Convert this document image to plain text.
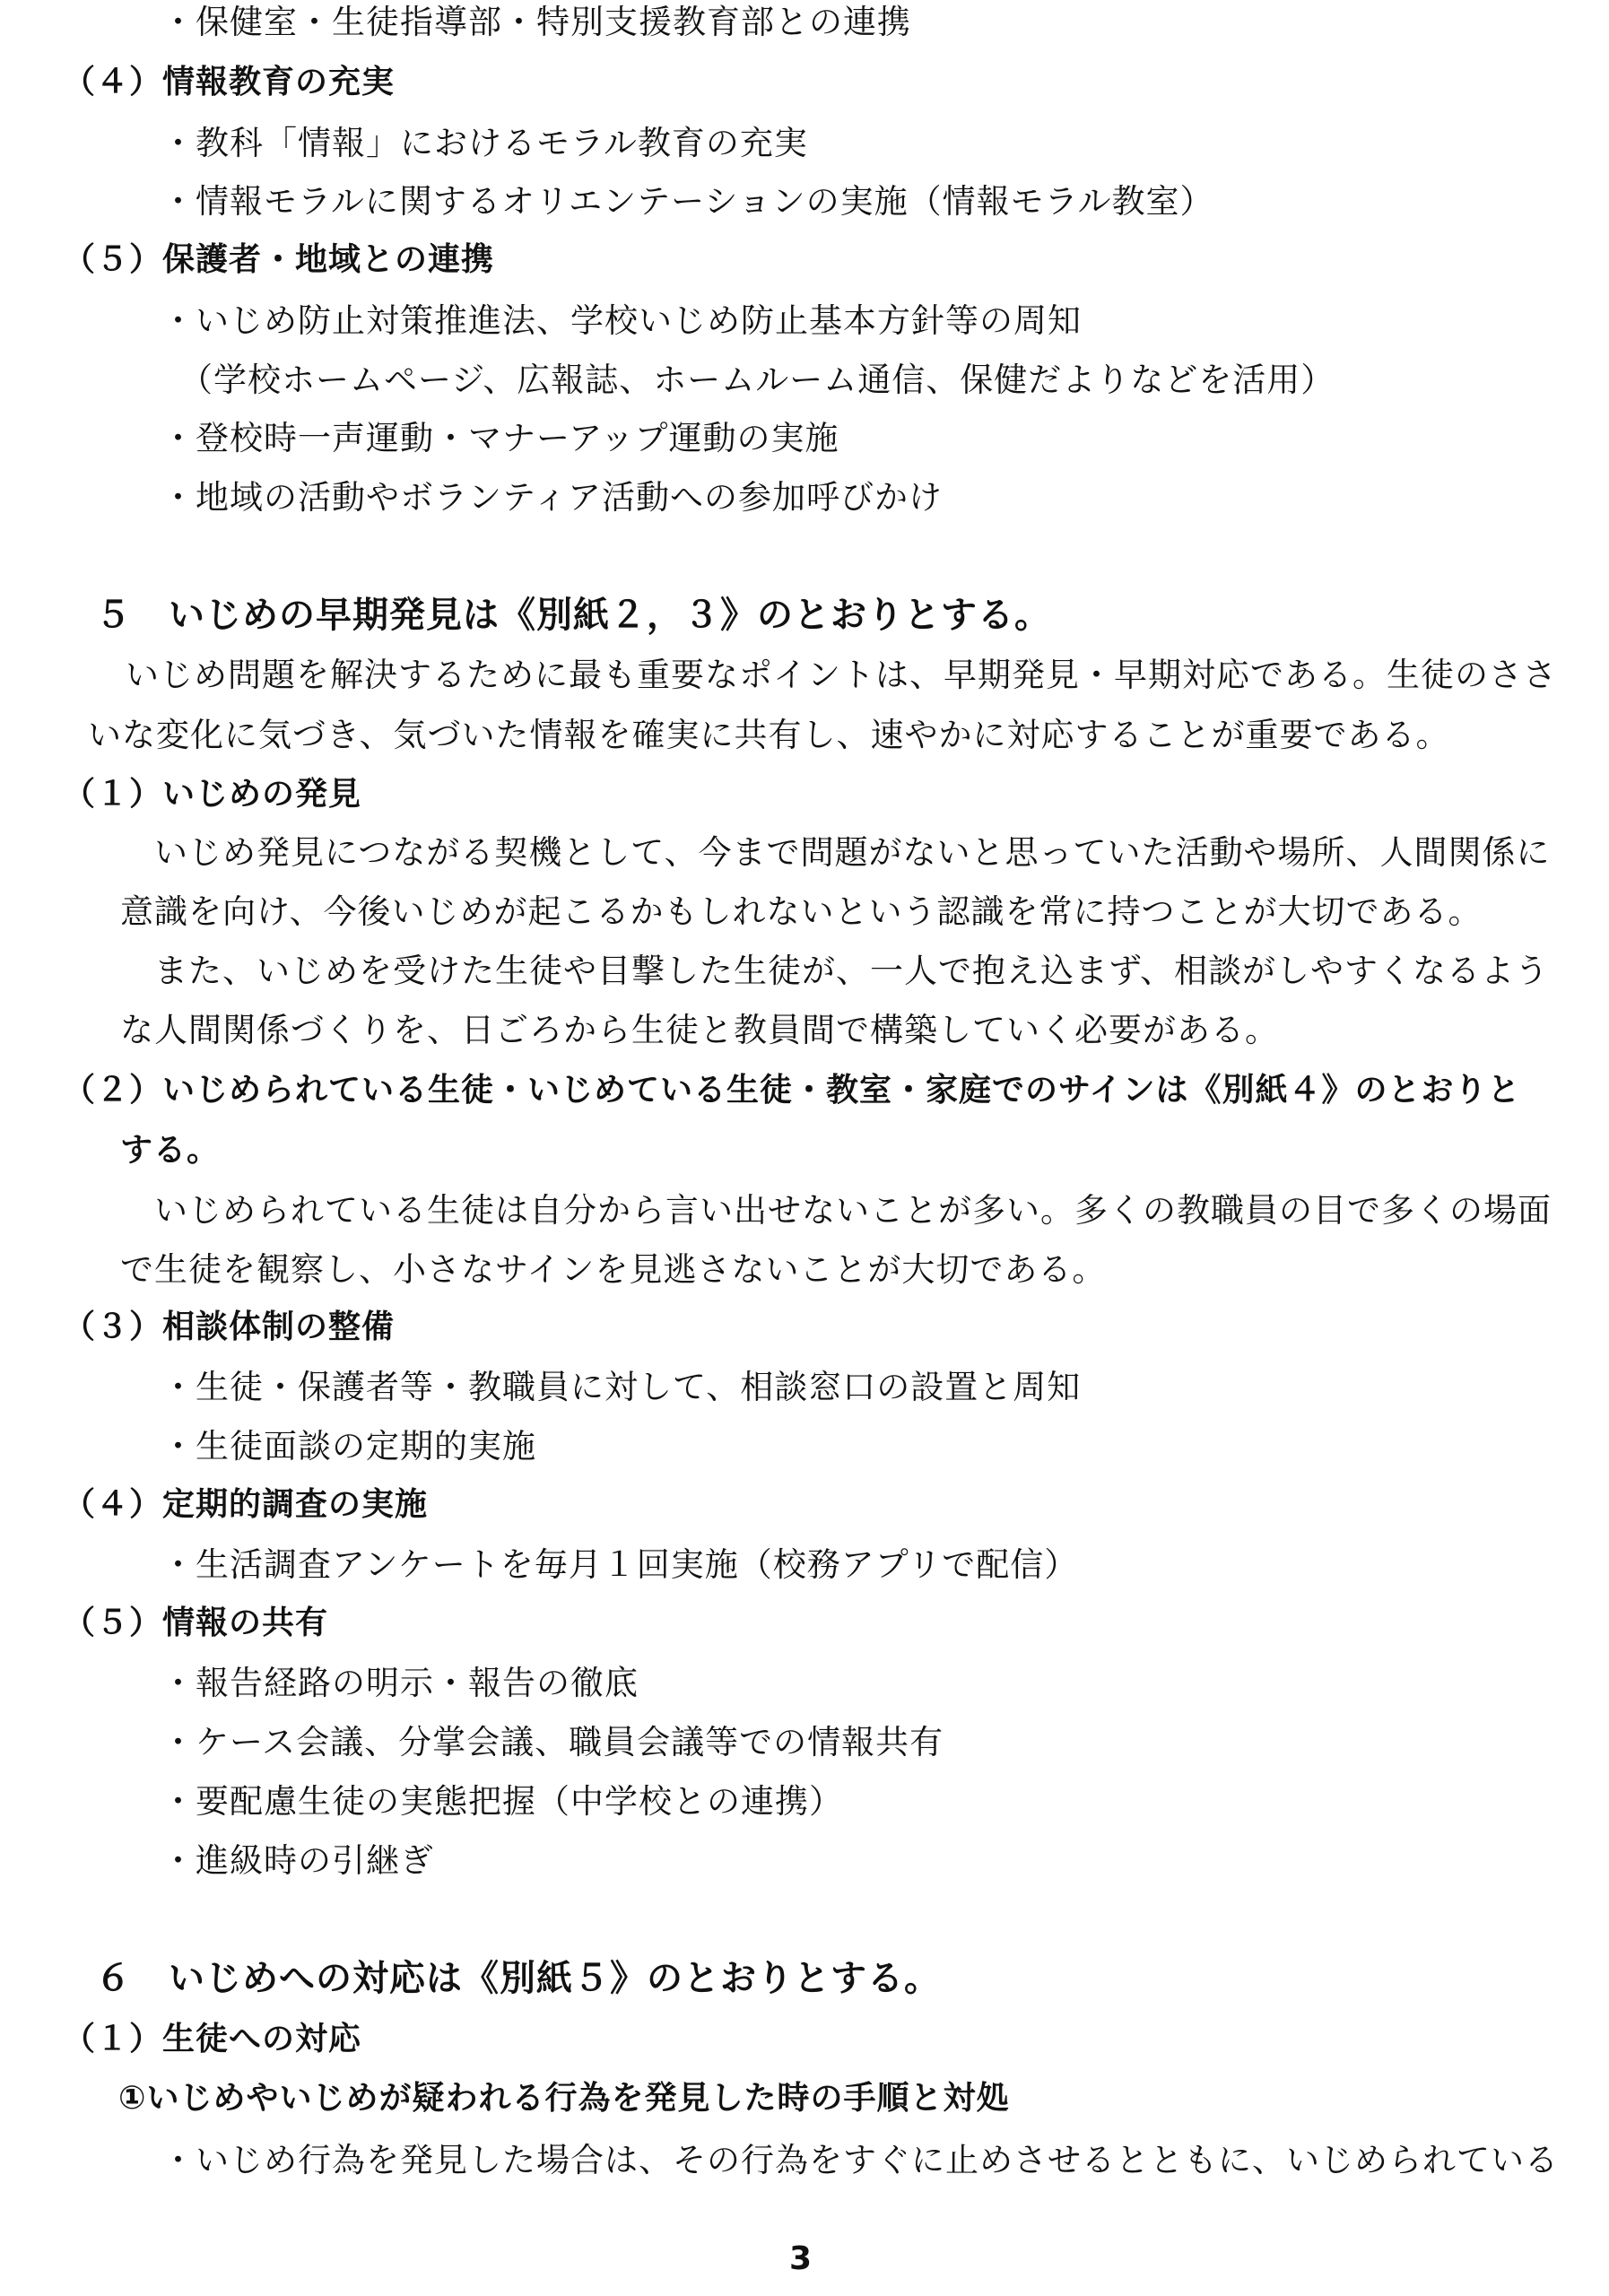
・保健室・生徒指導部・特別支援教育部との連携
（４）情報教育の充実
・教科「情報」におけるモラル教育の充実
・情報モラルに関するオリエンテーションの実施（情報モラル教室）
（５）保護者・地域との連携
・いじめ防止対策推進法、学校いじめ防止基本方針等の周知
（学校ホームページ、広報誌、ホームルーム通信、保健だよりなどを活用）
・登校時一声運動・マナーアップ運動の実施
・地域の活動やボランティア活動への参加呼びかけ
５　いじめの早期発見は《別紙２，３》のとおりとする。
いじめ問題を解決するために最も重要なポイントは、早期発見・早期対応である。生徒のささ
いな変化に気づき、気づいた情報を確実に共有し、速やかに対応することが重要である。
（１）いじめの発見
いじめ発見につながる契機として、今まで問題がないと思っていた活動や場所、人間関係に
意識を向け、今後いじめが起こるかもしれないという認識を常に持つことが大切である。
また、いじめを受けた生徒や目撃した生徒が、一人で抱え込まず、相談がしやすくなるよう
な人間関係づくりを、日ごろから生徒と教員間で構築していく必要がある。
（２）いじめられている生徒・いじめている生徒・教室・家庭でのサインは《別紙４》のとおりと
する。
いじめられている生徒は自分から言い出せないことが多い。多くの教職員の目で多くの場面
で生徒を観察し、小さなサインを見逃さないことが大切である。
（３）相談体制の整備
・生徒・保護者等・教職員に対して、相談窓口の設置と周知
・生徒面談の定期的実施
（４）定期的調査の実施
・生活調査アンケートを毎月１回実施（校務アプリで配信）
（５）情報の共有
・報告経路の明示・報告の徹底
・ケース会議、分掌会議、職員会議等での情報共有
・要配慮生徒の実態把握（中学校との連携）
・進級時の引継ぎ
６　いじめへの対応は《別紙５》のとおりとする。
（１）生徒への対応
①いじめやいじめが疑われる行為を発見した時の手順と対処
・いじめ行為を発見した場合は、その行為をすぐに止めさせるとともに、いじめられている
3
